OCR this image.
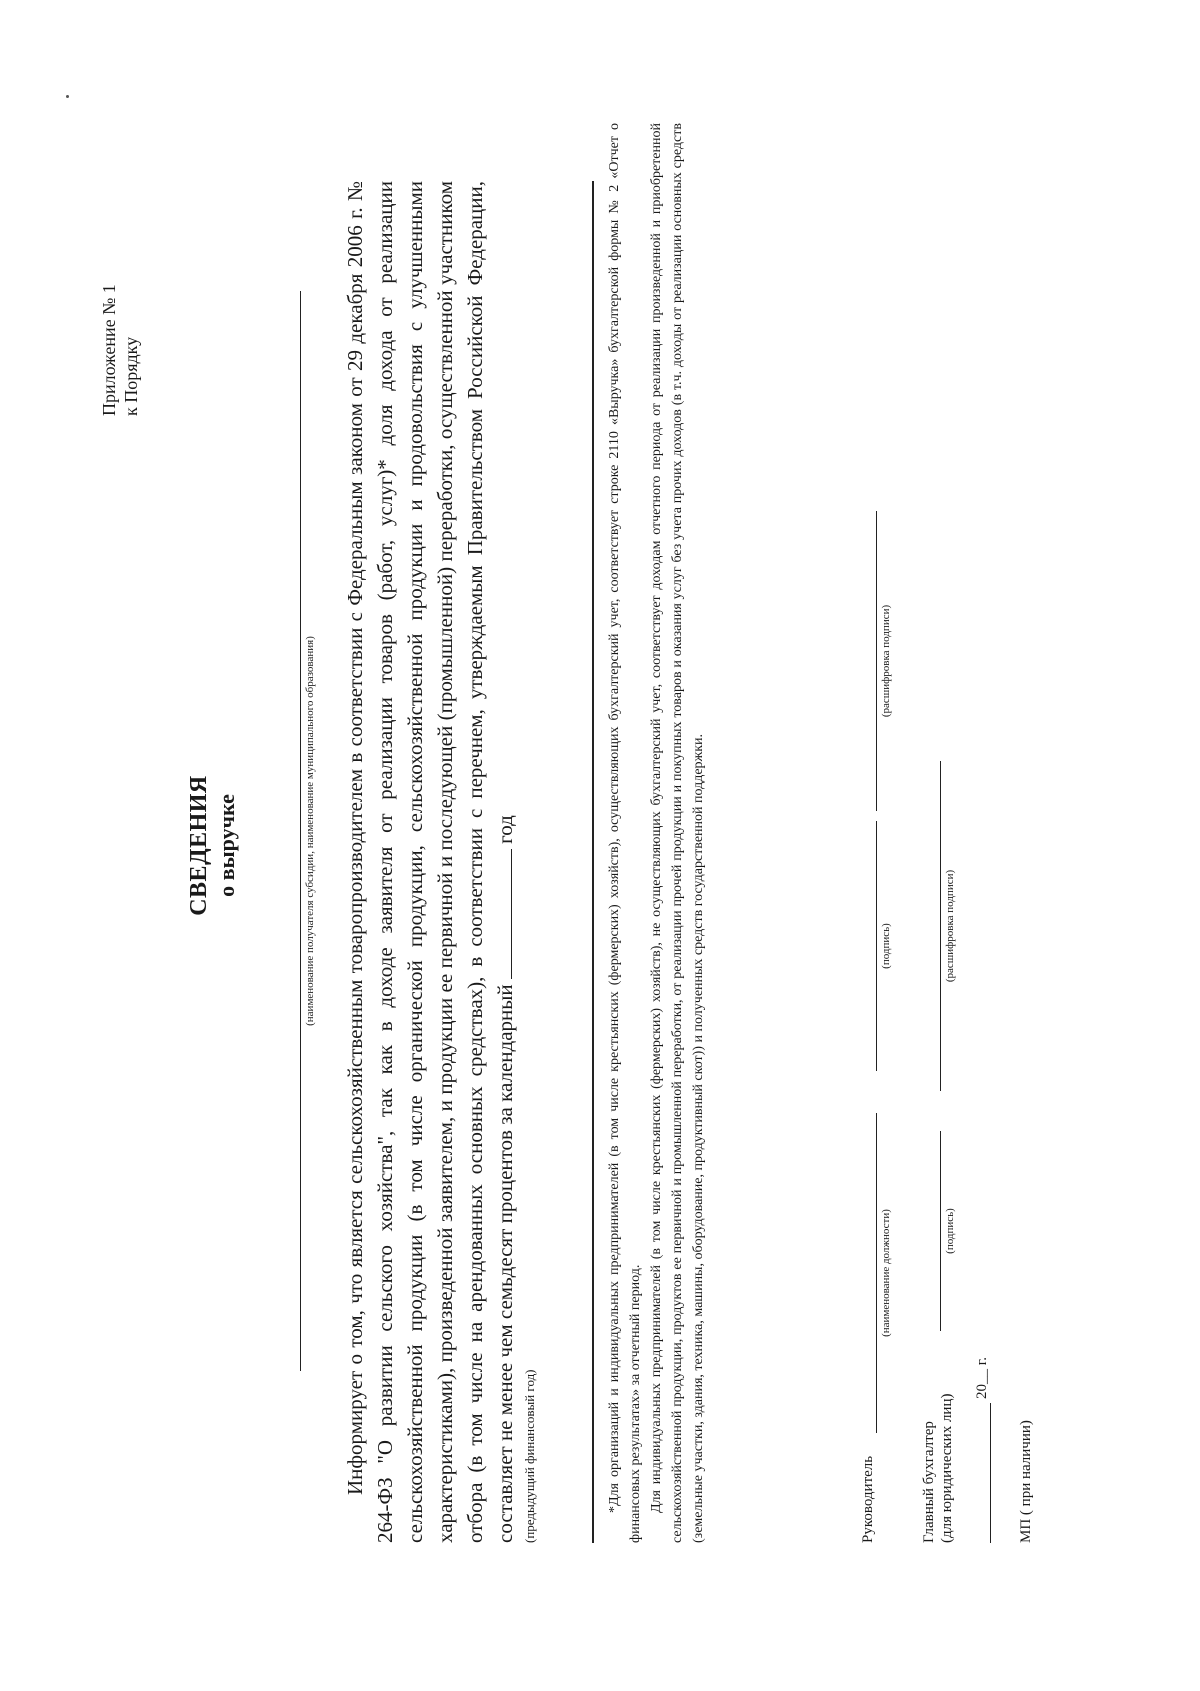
Приложение № 1 к Порядку
СВЕДЕНИЯ о выручке	(наименование получателя субсидии, наименование муниципального образования) Информирует о том, что является сельскохозяйственным товаропроизводителем в соответствии с Федеральным законом от 29 декабря 2006 г. № 264-ФЗ "О развитии сельского хозяйства", так как в доходе заявителя от реализации товаров (работ, услуг)* доля дохода от реализации сельскохозяйственной продукции (в том числе органической продукции, сельскохозяйственной продукции и продовольствия с улучшенными характеристиками), произведенной заявителем, и продукции ее первичной и последующей (промышленной) переработки, осуществленной участником отбора (в том числе на арендованных основных средствах), в соответствии с перечнем, утверждаемым Правительством Российской Федерации, составляет не менее чем семьдесят процентов за календарный  год

(предыдущий финансовый год)	*Для организаций и индивидуальных предпринимателей (в том числе крестьянских (фермерских) хозяйств), осуществляющих бухгалтерский учет, соответствует строке 2110 «Выручка» бухгалтерской формы № 2 «Отчет о финансовых результатах» за отчетный период. Для индивидуальных предпринимателей (в том числе крестьянских (фермерских) хозяйств), не осуществляющих бухгалтерский учет, соответствует доходам отчетного периода от реализации произведенной и приобретенной сельскохозяйственной продукции, продуктов ее первичной и промышленной переработки, от реализации прочей продукции и покупных товаров и оказания услуг без учета прочих доходов (в т.ч. доходы от реализации основных средств (земельные участки, здания, техника, машины, оборудование, продуктивный скот)) и полученных средств государственной поддержки.	Руководитель
(наименование должности)
(подпись)
(расшифровка подписи)
Главный бухгалтер (для юридических лиц)
(подпись)
(расшифровка подписи)
20__ г.
МП ( при наличии)
